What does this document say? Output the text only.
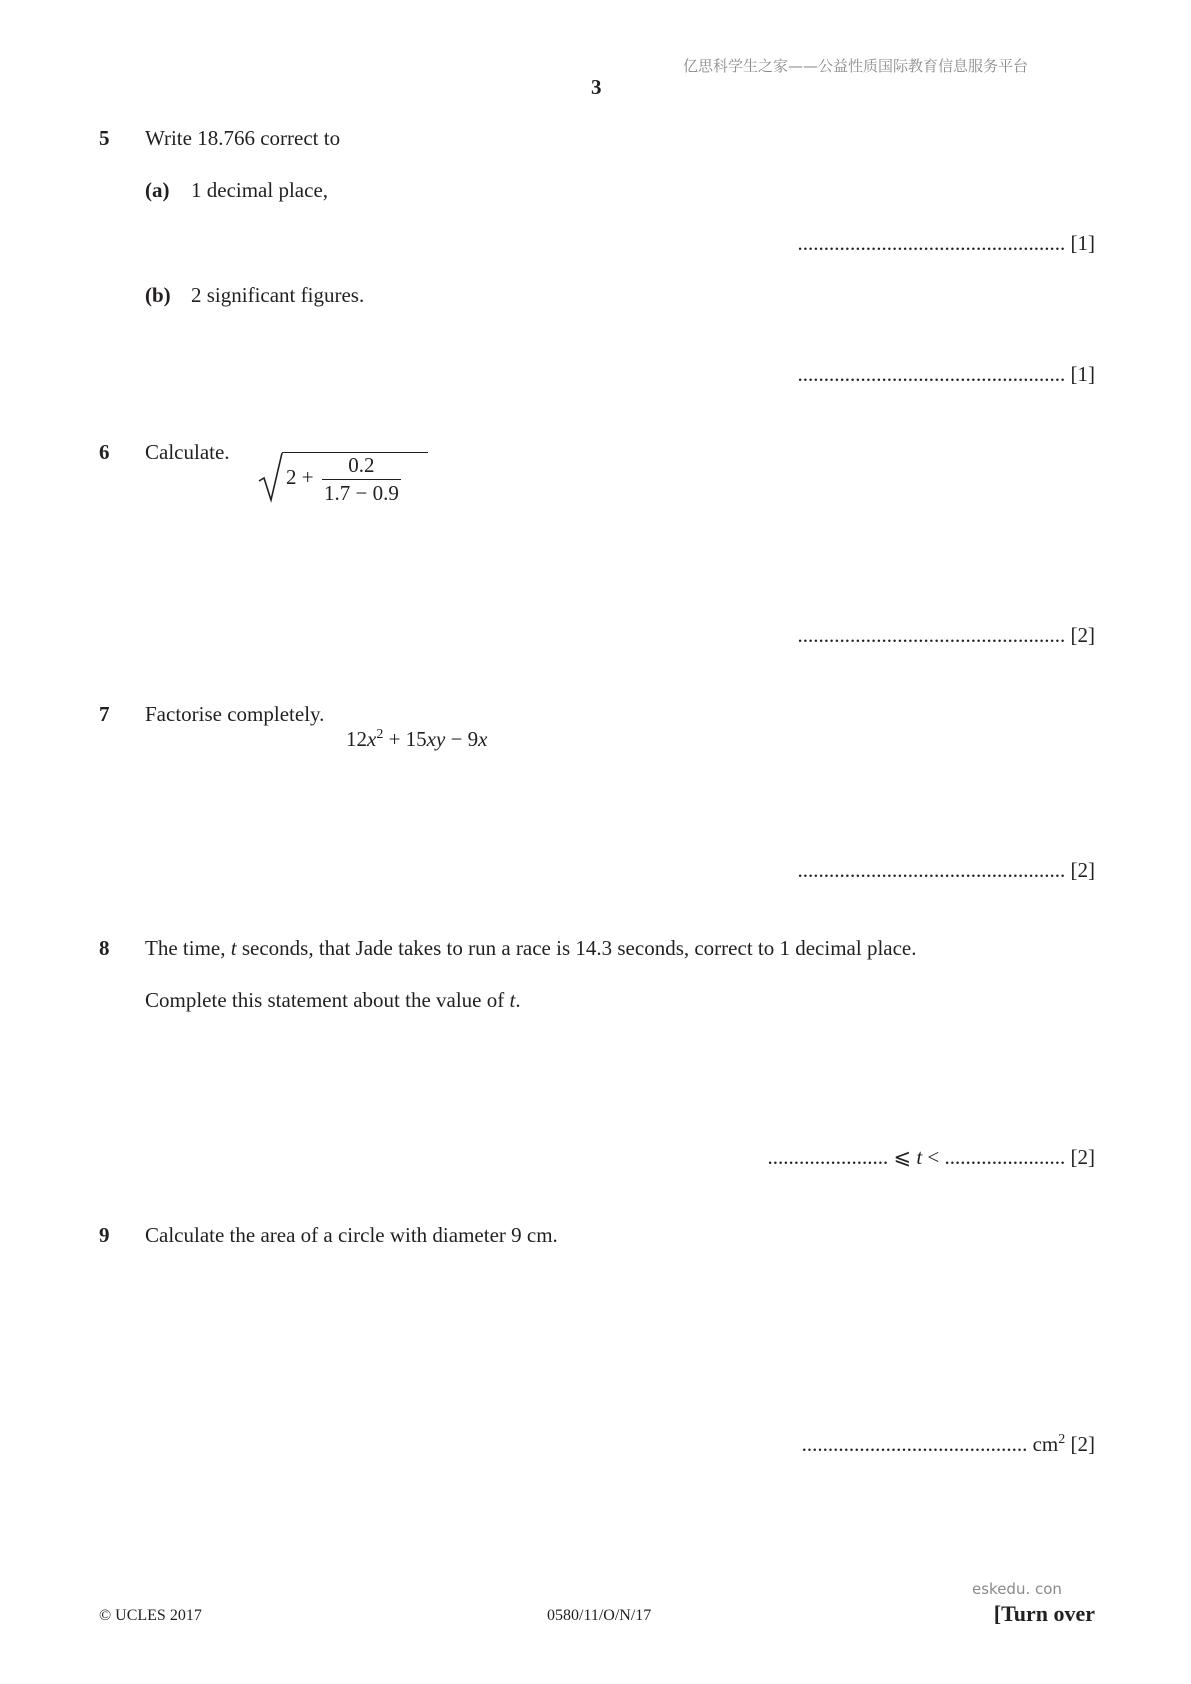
亿思科学生之家——公益性质国际教育信息服务平台
3
5 Write 18.766 correct to
(a) 1 decimal place,
................................................... [1]
(b) 2 significant figures.
................................................... [1]
6 Calculate.
$2 + \frac{0.2}{1.7 - 0.9}$
................................................... [2]
7 Factorise completely.
$12x^2 + 15xy - 9x$
................................................... [2]
8 The time, t seconds, that Jade takes to run a race is 14.3 seconds, correct to 1 decimal place.
Complete this statement about the value of t.
....................... ⩽ t < ....................... [2]
9 Calculate the area of a circle with diameter 9 cm.
........................................... $cm^2$ [2]
eskedu. con
© UCLES 2017	0580/11/O/N/17	[Turn over
